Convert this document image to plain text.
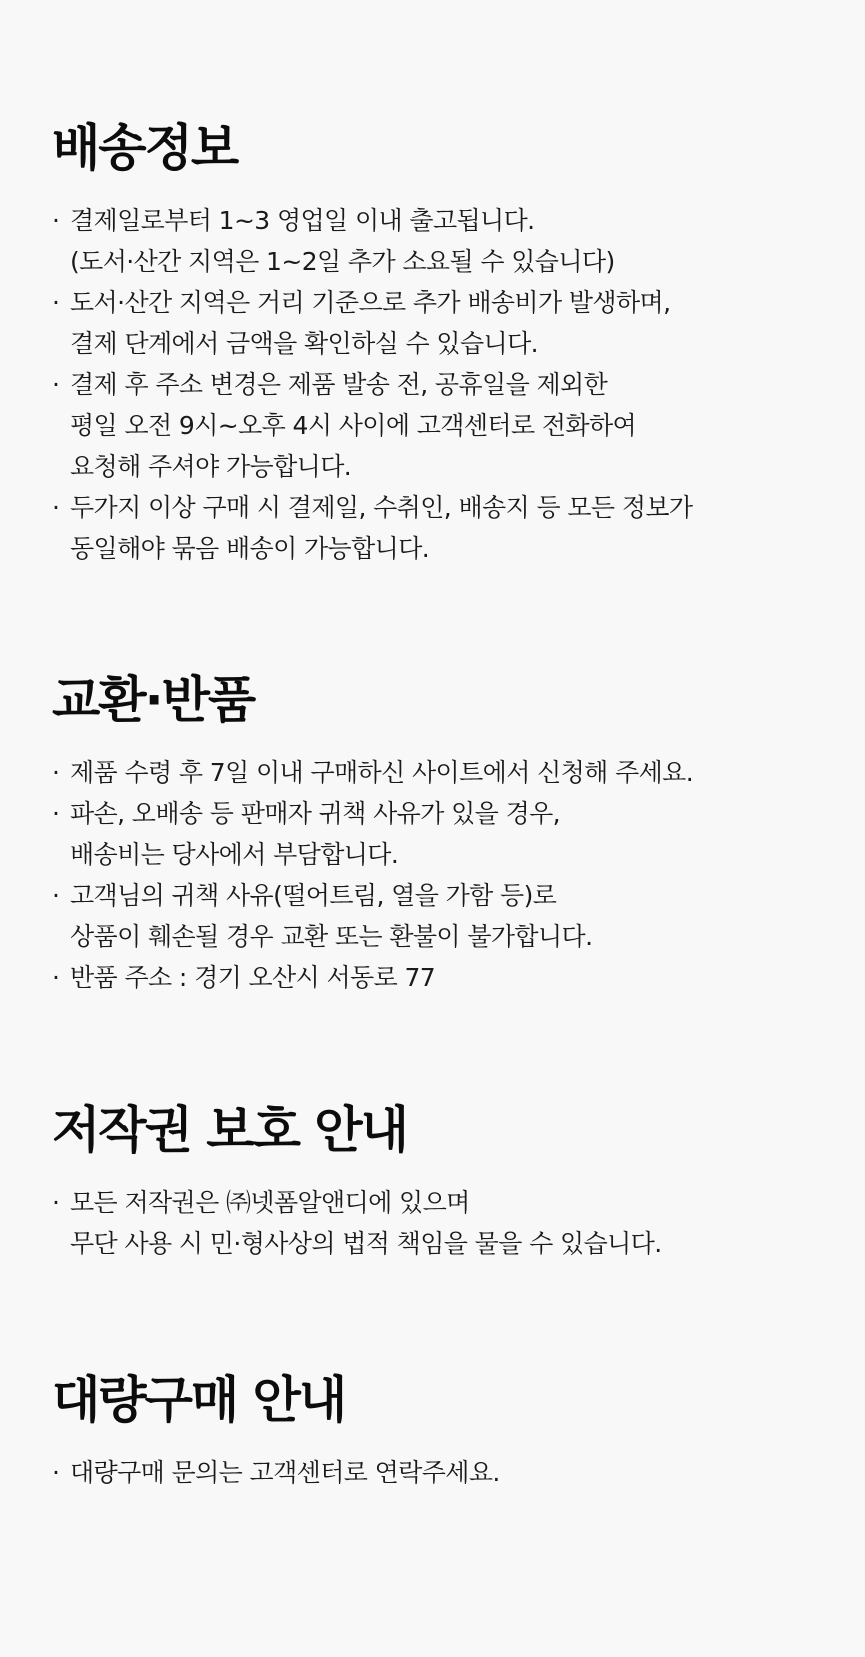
배송정보
· 결제일로부터 1~3 영업일 이내 출고됩니다.
(도서·산간 지역은 1~2일 추가 소요될 수 있습니다)
· 도서·산간 지역은 거리 기준으로 추가 배송비가 발생하며,
결제 단계에서 금액을 확인하실 수 있습니다.
· 결제 후 주소 변경은 제품 발송 전, 공휴일을 제외한
평일 오전 9시~오후 4시 사이에 고객센터로 전화하여
요청해 주셔야 가능합니다.
· 두가지 이상 구매 시 결제일, 수취인, 배송지 등 모든 정보가
동일해야 묶음 배송이 가능합니다.
교환·반품
· 제품 수령 후 7일 이내 구매하신 사이트에서 신청해 주세요.
· 파손, 오배송 등 판매자 귀책 사유가 있을 경우,
배송비는 당사에서 부담합니다.
· 고객님의 귀책 사유(떨어트림, 열을 가함 등)로
상품이 훼손될 경우 교환 또는 환불이 불가합니다.
· 반품 주소 : 경기 오산시 서동로 77
저작권 보호 안내
· 모든 저작권은 ㈜넷폼알앤디에 있으며
무단 사용 시 민·형사상의 법적 책임을 물을 수 있습니다.
대량구매 안내
· 대량구매 문의는 고객센터로 연락주세요.
